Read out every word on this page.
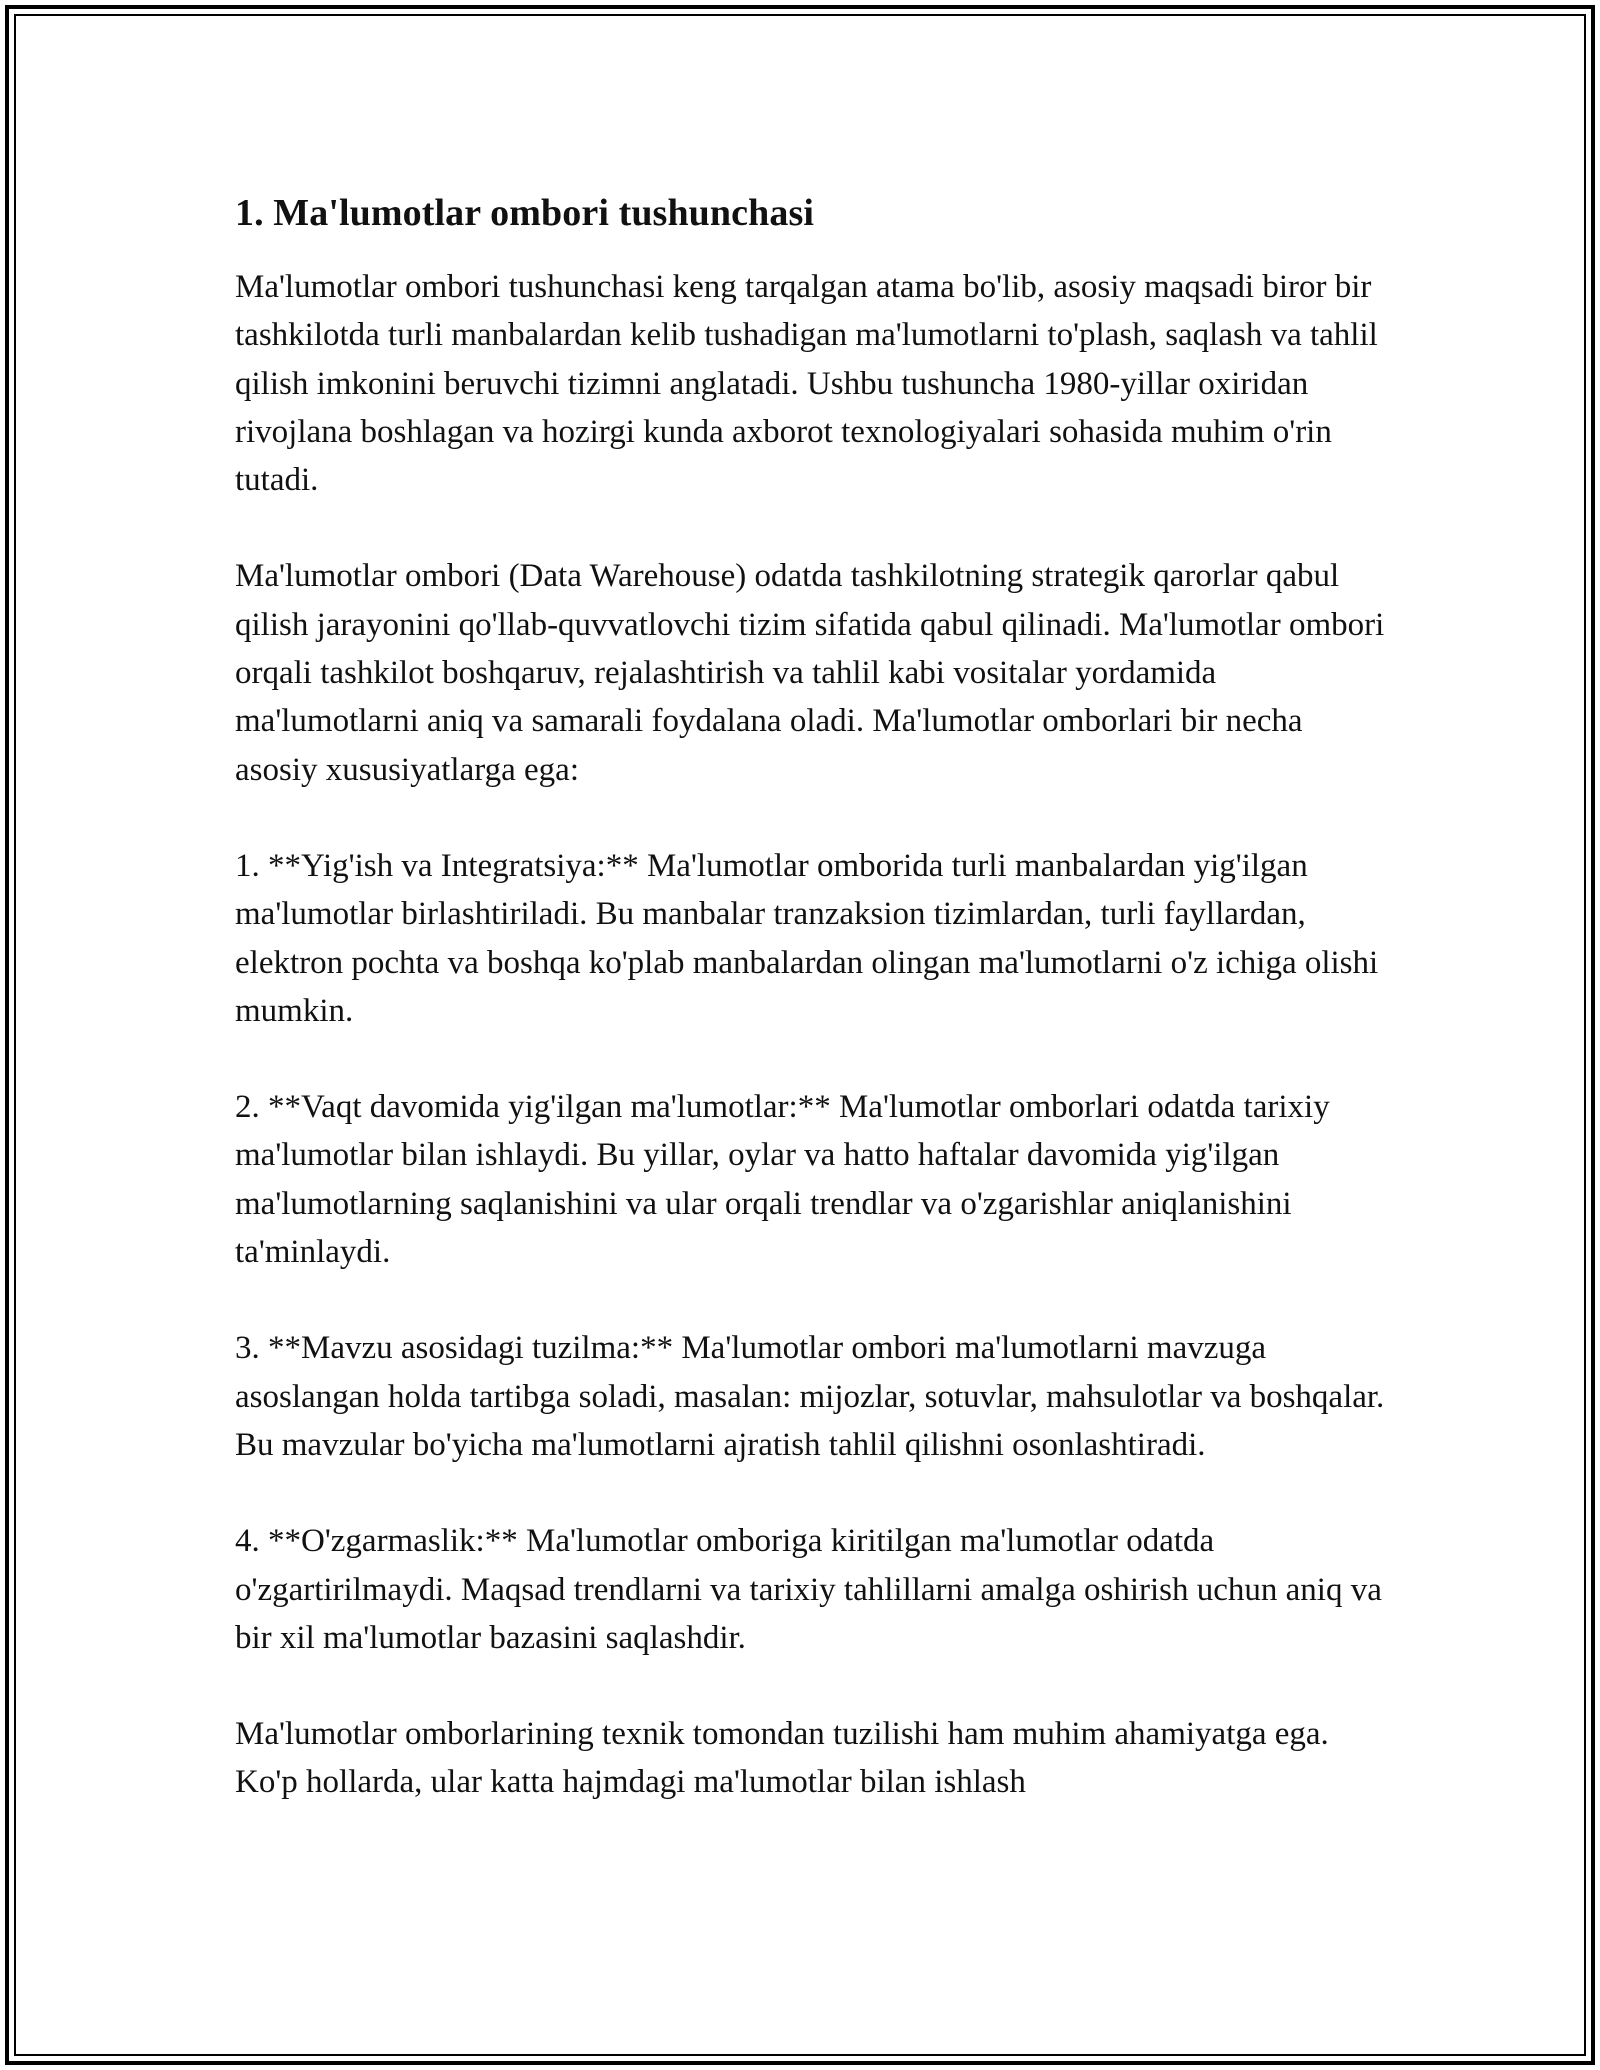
1. Ma'lumotlar ombori tushunchasi

Ma'lumotlar ombori tushunchasi keng tarqalgan atama bo'lib, asosiy maqsadi biror bir tashkilotda turli manbalardan kelib tushadigan ma'lumotlarni to'plash, saqlash va tahlil qilish imkonini beruvchi tizimni anglatadi. Ushbu tushuncha 1980-yillar oxiridan rivojlana boshlagan va hozirgi kunda axborot texnologiyalari sohasida muhim o'rin tutadi.

Ma'lumotlar ombori (Data Warehouse) odatda tashkilotning strategik qarorlar qabul qilish jarayonini qo'llab-quvvatlovchi tizim sifatida qabul qilinadi. Ma'lumotlar ombori orqali tashkilot boshqaruv, rejalashtirish va tahlil kabi vositalar yordamida ma'lumotlarni aniq va samarali foydalana oladi. Ma'lumotlar omborlari bir necha asosiy xususiyatlarga ega:

1. **Yig'ish va Integratsiya:** Ma'lumotlar omborida turli manbalardan yig'ilgan ma'lumotlar birlashtiriladi. Bu manbalar tranzaksion tizimlardan, turli fayllardan, elektron pochta va boshqa ko'plab manbalardan olingan ma'lumotlarni o'z ichiga olishi mumkin.

2. **Vaqt davomida yig'ilgan ma'lumotlar:** Ma'lumotlar omborlari odatda tarixiy ma'lumotlar bilan ishlaydi. Bu yillar, oylar va hatto haftalar davomida yig'ilgan ma'lumotlarning saqlanishini va ular orqali trendlar va o'zgarishlar aniqlanishini ta'minlaydi.

3. **Mavzu asosidagi tuzilma:** Ma'lumotlar ombori ma'lumotlarni mavzuga asoslangan holda tartibga soladi, masalan: mijozlar, sotuvlar, mahsulotlar va boshqalar. Bu mavzular bo'yicha ma'lumotlarni ajratish tahlil qilishni osonlashtiradi.

4. **O'zgarmaslik:** Ma'lumotlar omboriga kiritilgan ma'lumotlar odatda o'zgartirilmaydi. Maqsad trendlarni va tarixiy tahlillarni amalga oshirish uchun aniq va bir xil ma'lumotlar bazasini saqlashdir.

Ma'lumotlar omborlarining texnik tomondan tuzilishi ham muhim ahamiyatga ega. Ko'p hollarda, ular katta hajmdagi ma'lumotlar bilan ishlash
